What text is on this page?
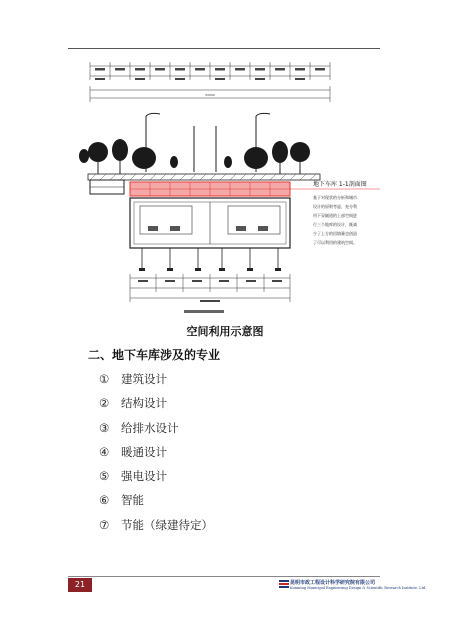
52000
地下车库 1-1剖面图
基于对现状的分析和城市
设计的原则考虑，充分利
用下穿隧道的上部空间进
行三个地库的设计，既减
少了上方的回填量也创造
了可以利用的建筑空间。
空间利用示意图
二、地下车库涉及的专业
① 建筑设计
② 结构设计
③ 给排水设计
④ 暖通设计
⑤ 强电设计
⑥ 智能
⑦ 节能（绿建待定）
21	昆明市政工程设计科学研究院有限公司
Kunming Municipal Engineering Design & Scientific Research Institute, Ltd.
